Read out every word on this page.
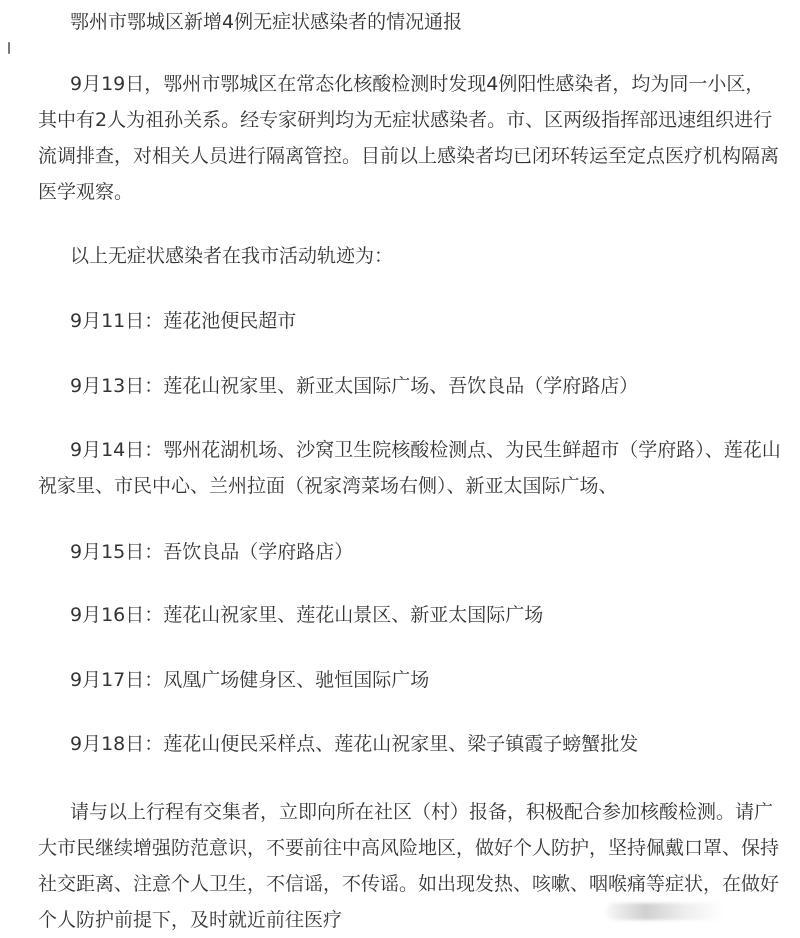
鄂州市鄂城区新增4例无症状感染者的情况通报
9月19日，鄂州市鄂城区在常态化核酸检测时发现4例阳性感染者，均为同一小区，其中有2人为祖孙关系。经专家研判均为无症状感染者。市、区两级指挥部迅速组织进行流调排查，对相关人员进行隔离管控。目前以上感染者均已闭环转运至定点医疗机构隔离医学观察。
以上无症状感染者在我市活动轨迹为：
9月11日：莲花池便民超市
9月13日：莲花山祝家里、新亚太国际广场、吾饮良品（学府路店）
9月14日：鄂州花湖机场、沙窝卫生院核酸检测点、为民生鲜超市（学府路）、莲花山祝家里、市民中心、兰州拉面（祝家湾菜场右侧）、新亚太国际广场、
9月15日：吾饮良品（学府路店）
9月16日：莲花山祝家里、莲花山景区、新亚太国际广场
9月17日：凤凰广场健身区、驰恒国际广场
9月18日：莲花山便民采样点、莲花山祝家里、梁子镇霞子螃蟹批发
请与以上行程有交集者，立即向所在社区（村）报备，积极配合参加核酸检测。请广大市民继续增强防范意识，不要前往中高风险地区，做好个人防护，坚持佩戴口罩、保持社交距离、注意个人卫生，不信谣，不传谣。如出现发热、咳嗽、咽喉痛等症状，在做好个人防护前提下，及时就近前往医疗
